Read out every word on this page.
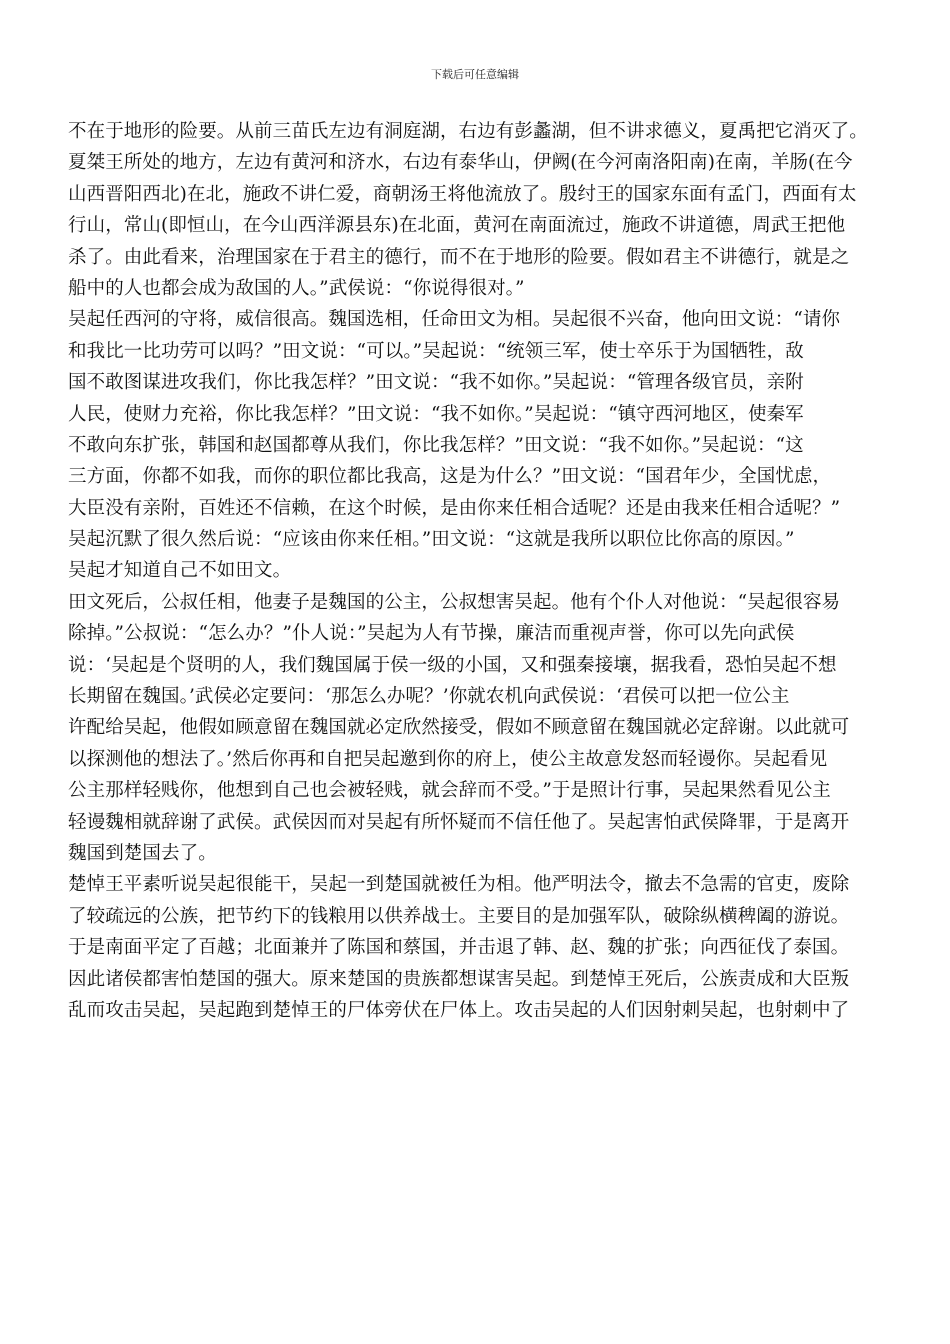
下载后可任意编辑
不在于地形的险要。从前三苗氏左边有洞庭湖，右边有彭蠡湖，但不讲求德义，夏禹把它消灭了。
夏桀王所处的地方，左边有黄河和济水，右边有泰华山，伊阙(在今河南洛阳南)在南，羊肠(在今
山西晋阳西北)在北，施政不讲仁爱，商朝汤王将他流放了。殷纣王的国家东面有孟门，西面有太
行山，常山(即恒山，在今山西洋源县东)在北面，黄河在南面流过，施政不讲道德，周武王把他
杀了。由此看来，治理国家在于君主的德行，而不在于地形的险要。假如君主不讲德行，就是之
船中的人也都会成为敌国的人。”武侯说：“你说得很对。”
吴起任西河的守将，威信很高。魏国选相，任命田文为相。吴起很不兴奋，他向田文说：“请你
和我比一比功劳可以吗？”田文说：“可以。”吴起说：“统领三军，使士卒乐于为国牺牲，敌
国不敢图谋进攻我们，你比我怎样？”田文说：“我不如你。”吴起说：“管理各级官员，亲附
人民，使财力充裕，你比我怎样？”田文说：“我不如你。”吴起说：“镇守西河地区，使秦军
不敢向东扩张，韩国和赵国都尊从我们，你比我怎样？”田文说：“我不如你。”吴起说：“这
三方面，你都不如我，而你的职位都比我高，这是为什么？”田文说：“国君年少，全国忧虑，
大臣没有亲附，百姓还不信赖，在这个时候，是由你来任相合适呢？还是由我来任相合适呢？”
吴起沉默了很久然后说：“应该由你来任相。”田文说：“这就是我所以职位比你高的原因。”
吴起才知道自己不如田文。
田文死后，公叔任相，他妻子是魏国的公主，公叔想害吴起。他有个仆人对他说：“吴起很容易
除掉。”公叔说：“怎么办？”仆人说：”吴起为人有节操，廉洁而重视声誉，你可以先向武侯
说：‘吴起是个贤明的人，我们魏国属于侯一级的小国，又和强秦接壤，据我看，恐怕吴起不想
长期留在魏国。’武侯必定要问：‘那怎么办呢？’你就农机向武侯说：‘君侯可以把一位公主
许配给吴起，他假如顾意留在魏国就必定欣然接受，假如不顾意留在魏国就必定辞谢。以此就可
以探测他的想法了。’然后你再和自把吴起邀到你的府上，使公主故意发怒而轻谩你。吴起看见
公主那样轻贱你，他想到自己也会被轻贱，就会辞而不受。”于是照计行事，吴起果然看见公主
轻谩魏相就辞谢了武侯。武侯因而对吴起有所怀疑而不信任他了。吴起害怕武侯降罪，于是离开
魏国到楚国去了。
楚悼王平素听说吴起很能干，吴起一到楚国就被任为相。他严明法令，撤去不急需的官吏，废除
了较疏远的公族，把节约下的钱粮用以供养战士。主要目的是加强军队，破除纵横稗阖的游说。
于是南面平定了百越；北面兼并了陈国和蔡国，并击退了韩、赵、魏的扩张；向西征伐了泰国。
因此诸侯都害怕楚国的强大。原来楚国的贵族都想谋害吴起。到楚悼王死后，公族责成和大臣叛
乱而攻击吴起，吴起跑到楚悼王的尸体旁伏在尸体上。攻击吴起的人们因射刺吴起，也射刺中了
